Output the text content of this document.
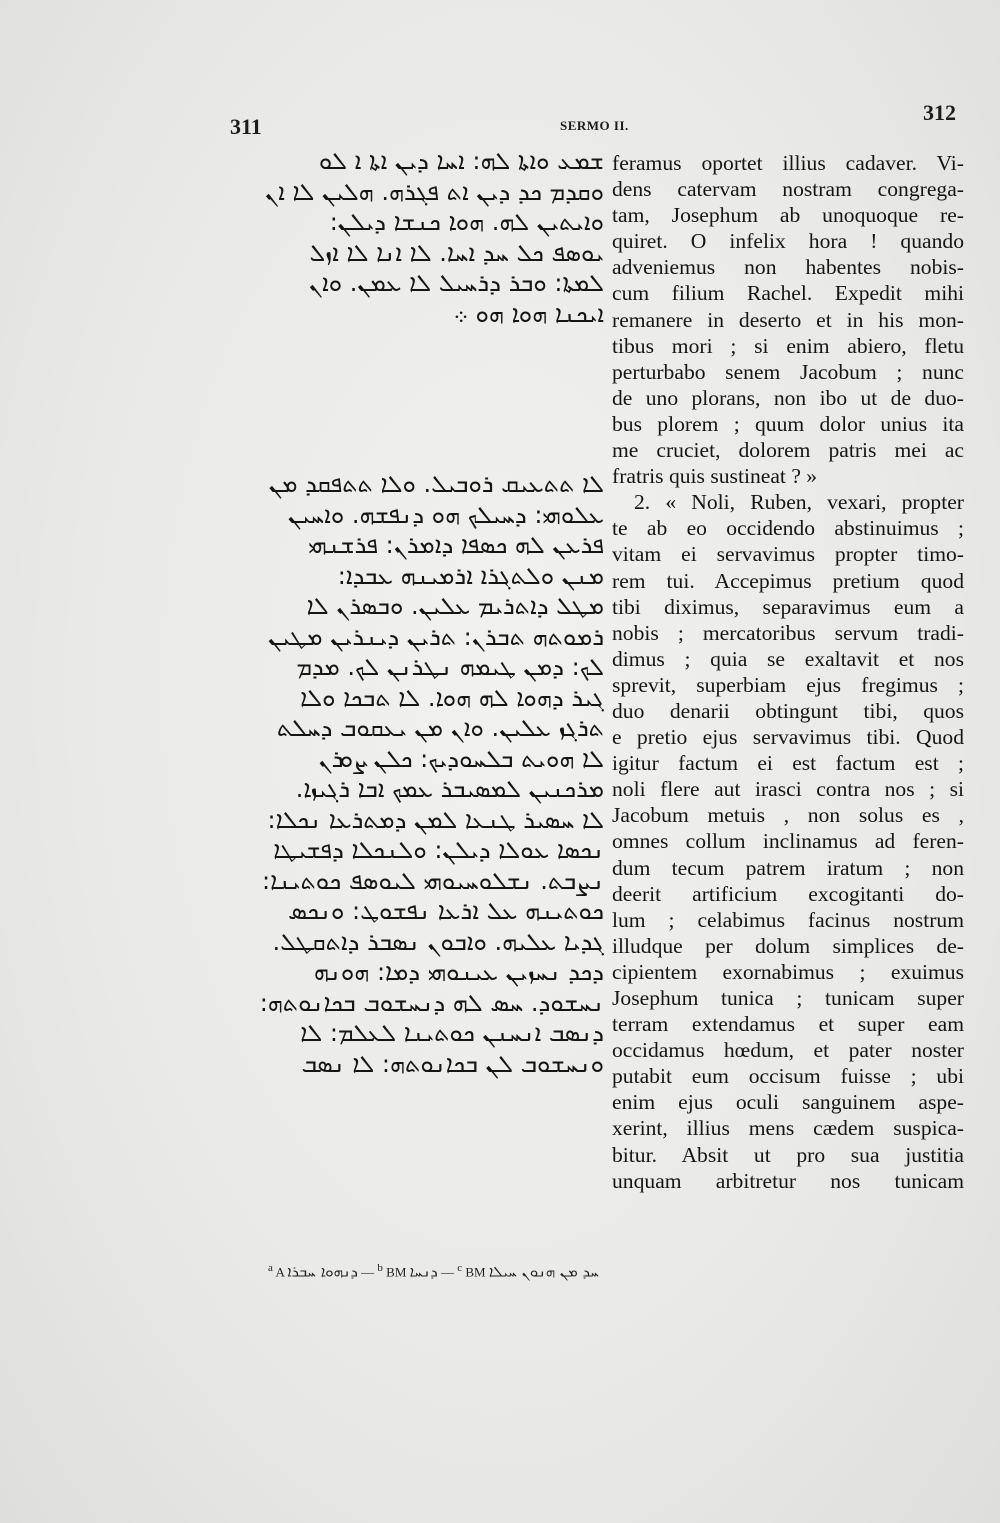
311	SERMO II.
312
ܫܡܥ ܘܐܬܐ ܠܗ: ܐܚܐ ܕܝܢ ܐܬܐ ܐ ܠܘ
ܘܩܕܡ ܟܕ ܕܝܢ ܐܬ ܦܓܪܗ. ܗܠܝܢ ܠܐ ܐܢ
ܘܐܝܬܝܢ ܠܗ. ܗܘܐ ܟܢܫܐ ܕܝܠܢ:
ܝܘܣܦ ܟܠ ܚܕ ܐܚܐ. ܠܐ ܐܢܐ ܠܐ ܐܙܠ
ܠܡܬܐ: ܘܒܪ ܕܪܚܝܠ ܠܐ ܥܡܢ. ܘܐܢ
ܐܝܟܢܐ ܗܘܐ ܗܘ ܀
ܠܐ ܬܬܥܝܩ ܪܘܒܝܠ. ܘܠܐ ܬܬܦܩܕ ܡܢ
ܥܠܘܗܝ: ܕܚܝܠܟ ܗܘ ܕܢܦܫܗ. ܘܐܚܝܢ
ܦܪܥܢ ܠܗ ܟܣܦܐ ܕܐܡܪܢ: ܦܪܫܢܗܝ
ܡܢܢ ܘܠܬܓܪܐ ܐܪܡܝܢܗ ܥܒܕܐ:
ܡܛܠ ܕܐܬܪܝܡ ܥܠܝܢ. ܘܒܣܪܢ ܠܐ
ܪܡܘܬܗ ܬܒܪܢ: ܬܪܝܢ ܕܝܢܪܝܢ ܡܛܝܢ
ܠܟ: ܕܡܢ ܛܝܡܗ ܢܛܪܢܢ ܠܟ. ܡܕܡ
ܓܝܪ ܕܗܘܐ ܠܗ ܗܘܐ. ܠܐ ܬܒܟܐ ܘܠܐ
ܬܪܓܙ ܥܠܝܢ. ܘܐܢ ܡܢ ܝܥܩܘܒ ܕܚܠܬ
ܠܐ ܗܘܝܬ ܒܠܚܘܕܝܟ: ܟܠܢ ܨܘܪܢ
ܡܪܟܢܝܢ ܠܡܣܝܒܪ ܥܡܟ ܐܒܐ ܪܓܝܙܐ.
ܠܐ ܚܣܝܪ ܛܢܥܐ ܠܡܢ ܕܡܬܪܥܐ ܢܟܠܐ:
ܢܟܣܐ ܥܘܠܐ ܕܝܠܢ: ܘܠܢܟܠܐ ܕܦܫܝܛܐ
ܢܨܒܬ. ܢܫܠܘܚܝܘܗܝ ܠܝܘܣܦ ܟܘܬܝܢܐ:
ܟܘܬܝܢܗ ܥܠ ܐܪܥܐ ܢܦܫܘܛ: ܘܢܟܣ
ܓܕܝܐ ܥܠܝܗ. ܘܐܒܘܢ ܢܣܒܪ ܕܐܬܩܛܠ.
ܕܟܕ ܢܚܙܝܢ ܥܝܢܘܗܝ ܕܡܐ: ܗܘܢܗ
ܢܚܫܘܕ. ܚܣ ܠܗ ܕܢܚܫܘܒ ܒܟܐܢܘܬܗ:
ܕܢܣܒ ܐܢܚܢܢ ܟܘܬܝܢܐ ܠܥܠܡ: ܠܐ
ܘܢܚܫܘܒ ܠܢ ܒܟܐܢܘܬܗ: ܠܐ ܢܣܒ
feramus oportet illius cadaver. Vi-
dens catervam nostram congrega-
tam, Josephum ab unoquoque re-
quiret. O infelix hora ! quando
adveniemus non habentes nobis-
cum filium Rachel. Expedit mihi
remanere in deserto et in his mon-
tibus mori ; si enim abiero, fletu
perturbabo senem Jacobum ; nunc
de uno plorans, non ibo ut de duo-
bus plorem ; quum dolor unius ita
me cruciet, dolorem patris mei ac
fratris quis sustineat ? »
2. « Noli, Ruben, vexari, propter
te ab eo occidendo abstinuimus ;
vitam ei servavimus propter timo-
rem tui. Accepimus pretium quod
tibi diximus, separavimus eum a
nobis ; mercatoribus servum tradi-
dimus ; quia se exaltavit et nos
sprevit, superbiam ejus fregimus ;
duo denarii obtingunt tibi, quos
e pretio ejus servavimus tibi. Quod
igitur factum ei est factum est ;
noli flere aut irasci contra nos ; si
Jacobum metuis , non solus es ,
omnes collum inclinamus ad feren-
dum tecum patrem iratum ; non
deerit artificium excogitanti do-
lum ; celabimus facinus nostrum
illudque per dolum simplices de-
cipientem exornabimus ; exuimus
Josephum tunica ; tunicam super
terram extendamus et super eam
occidamus hœdum, et pater noster
putabit eum occisum fuisse ; ubi
enim ejus oculi sanguinem aspe-
xerint, illius mens cædem suspica-
bitur. Absit ut pro sua justitia
unquam arbitretur nos tunicam
$^a$ A ܕܢܗܘܐ ܚܒܪܐ — $^b$ BM ܕܢܚܐ — $^c$ BM ܚܕ ܡܢ ܗܢܘܢ ܚܝܠܐ
